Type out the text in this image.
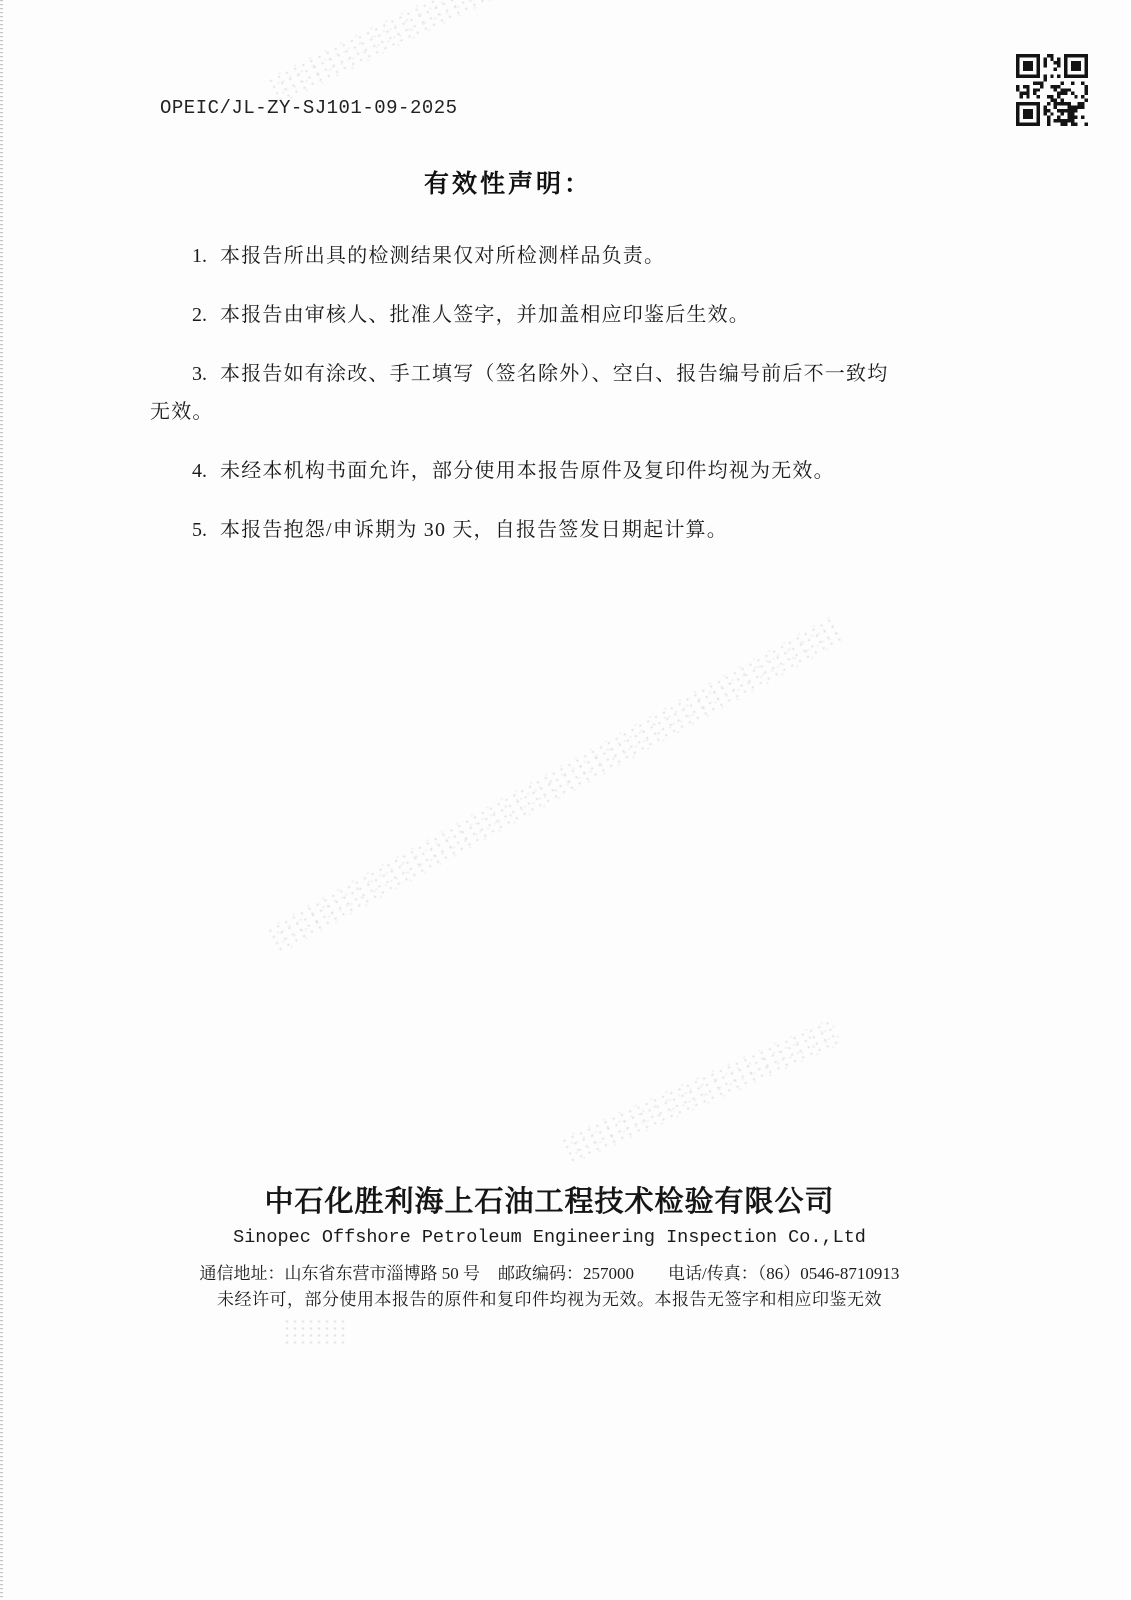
OPEIC/JL-ZY-SJ101-09-2025
有效性声明：

1. 本报告所出具的检测结果仅对所检测样品负责。

2. 本报告由审核人、批准人签字，并加盖相应印鉴后生效。

3. 本报告如有涂改、手工填写（签名除外）、空白、报告编号前后不一致均无效。

4. 未经本机构书面允许，部分使用本报告原件及复印件均视为无效。

5. 本报告抱怨/申诉期为 30 天，自报告签发日期起计算。

中石化胜利海上石油工程技术检验有限公司
Sinopec Offshore Petroleum Engineering Inspection Co.,Ltd
通信地址：山东省东营市淄博路 50 号 邮政编码：257000 电话/传真：（86）0546-8710913
未经许可，部分使用本报告的原件和复印件均视为无效。本报告无签字和相应印鉴无效
